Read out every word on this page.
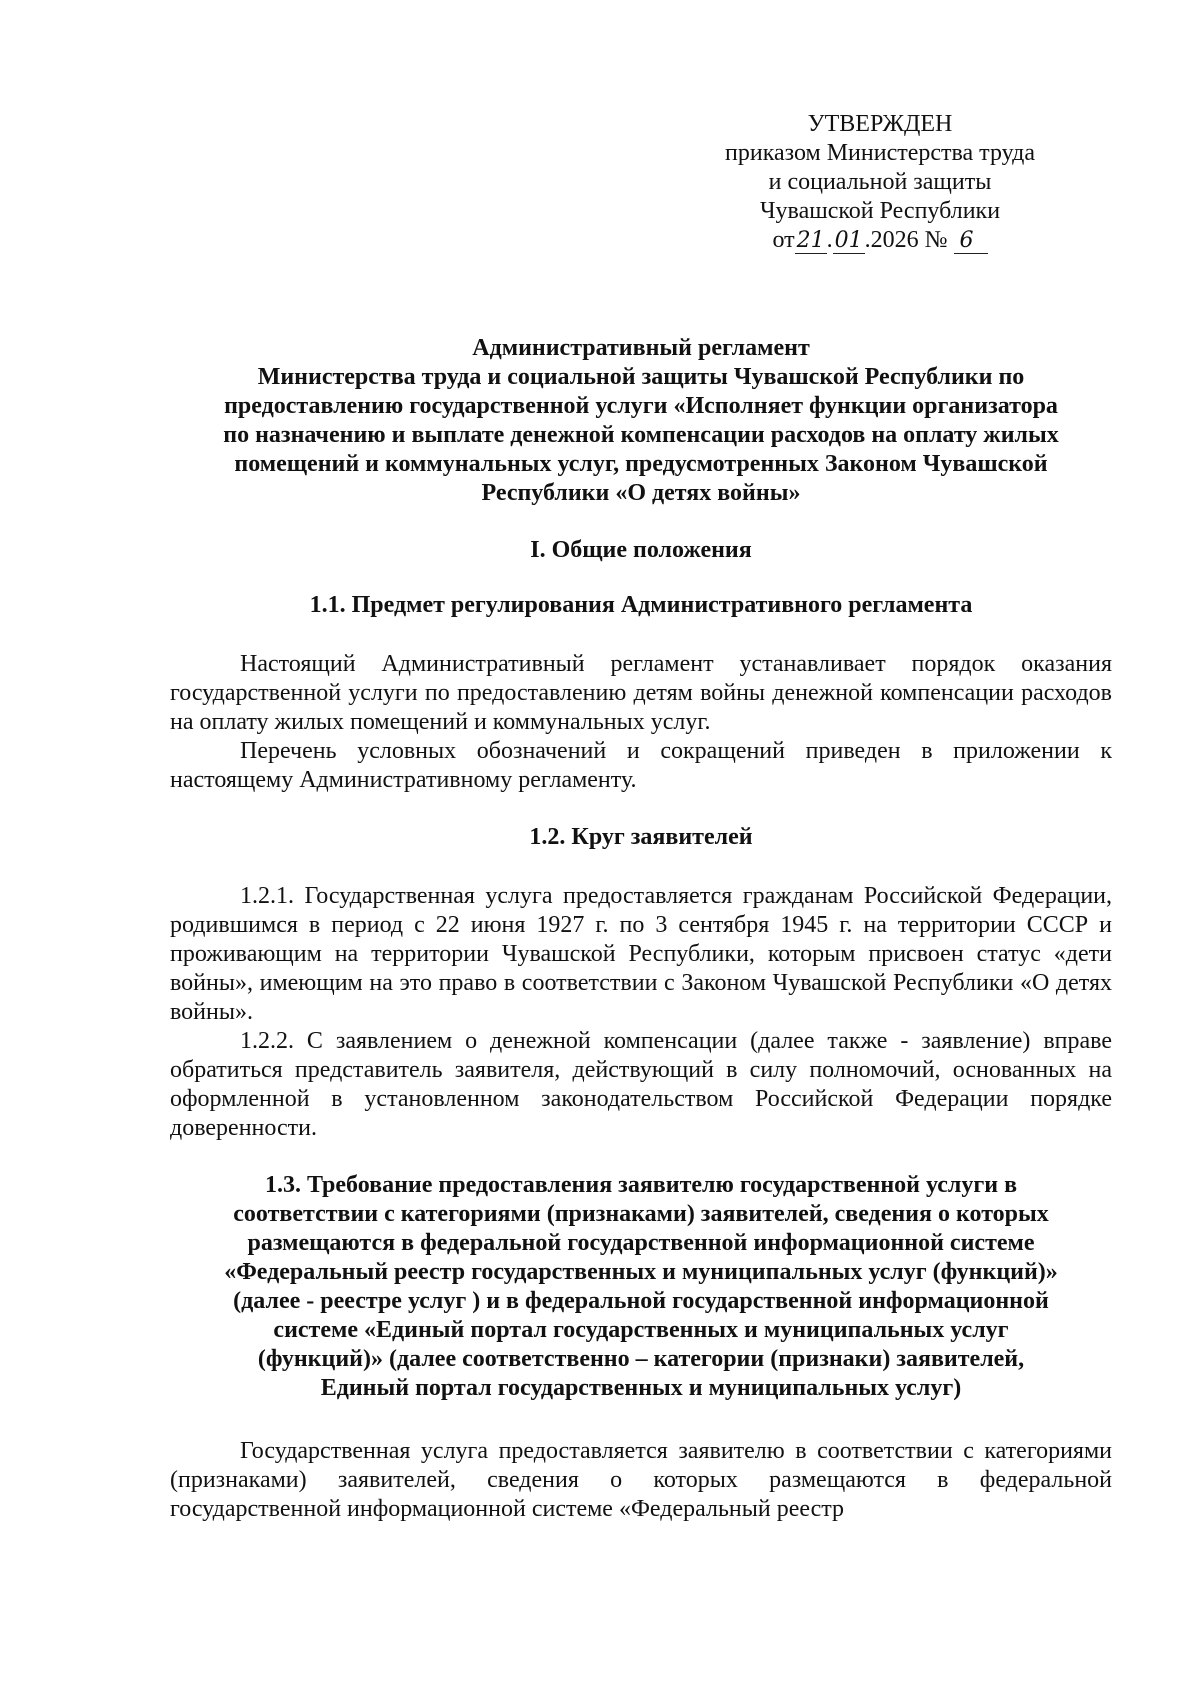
УТВЕРЖДЕН
приказом Министерства труда
и социальной защиты
Чувашской Республики
от21.01.2026 № 6
Административный регламент
Министерства труда и социальной защиты Чувашской Республики по
предоставлению государственной услуги «Исполняет функции организатора
по назначению и выплате денежной компенсации расходов на оплату жилых
помещений и коммунальных услуг, предусмотренных Законом Чувашской
Республики «О детях войны»

I. Общие положения

1.1. Предмет регулирования Административного регламента

Настоящий Административный регламент устанавливает порядок оказания государственной услуги по предоставлению детям войны денежной компенсации расходов на оплату жилых помещений и коммунальных услуг.

Перечень условных обозначений и сокращений приведен в приложении к настоящему Административному регламенту.

1.2. Круг заявителей

1.2.1. Государственная услуга предоставляется гражданам Российской Федерации, родившимся в период с 22 июня 1927 г. по 3 сентября 1945 г. на территории СССР и проживающим на территории Чувашской Республики, которым присвоен статус «дети войны», имеющим на это право в соответствии с Законом Чувашской Республики «О детях войны».

1.2.2. С заявлением о денежной компенсации (далее также - заявление) вправе обратиться представитель заявителя, действующий в силу полномочий, основанных на оформленной в установленном законодательством Российской Федерации порядке доверенности.

1.3. Требование предоставления заявителю государственной услуги в
соответствии с категориями (признаками) заявителей, сведения о которых
размещаются в федеральной государственной информационной системе
«Федеральный реестр государственных и муниципальных услуг (функций)»
(далее - реестре услуг ) и в федеральной государственной информационной
системе «Единый портал государственных и муниципальных услуг
(функций)» (далее соответственно – категории (признаки) заявителей,
Единый портал государственных и муниципальных услуг)

Государственная услуга предоставляется заявителю в соответствии с категориями (признаками) заявителей, сведения о которых размещаются в федеральной государственной информационной системе «Федеральный реестр
